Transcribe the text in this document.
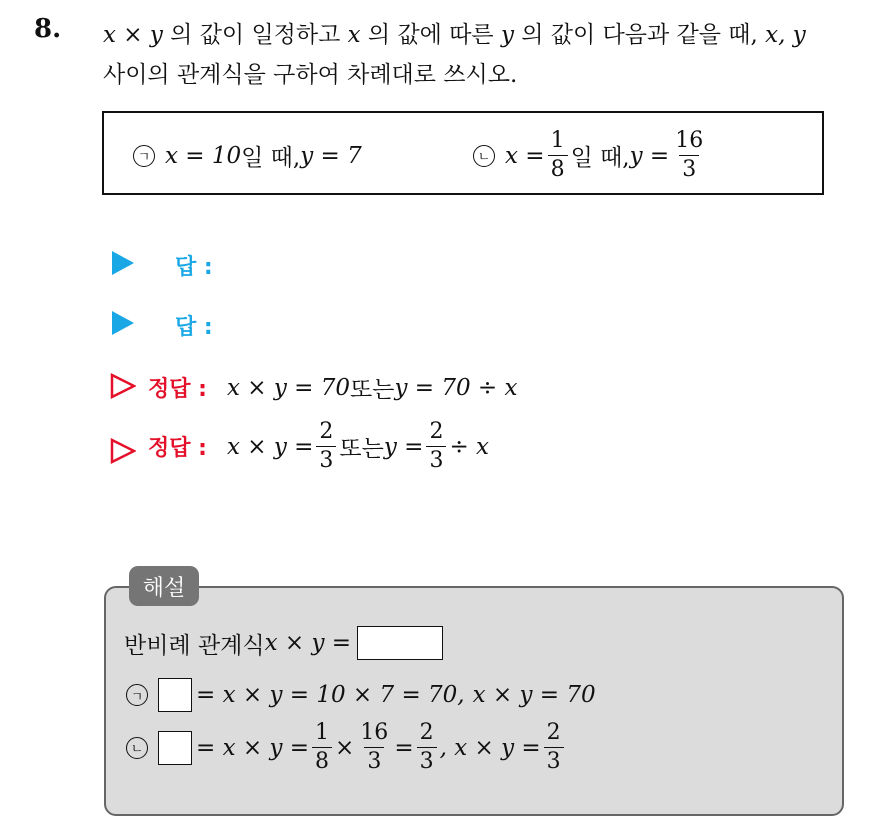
8. x × y 의 값이 일정하고 x 의 값에 따른 y 의 값이 다음과 같을 때, x, y
사이의 관계식을 구하여 차례대로 쓰시오.
ㄱ x = 10 일 때, y = 7	ㄴ $x = \frac{1}{8}$ 일 때, $y = \frac{16}{3}$
답 :
답 :
정답 : x × y = 70 또는 y = 70 ÷ x
정답 : $x \times y = \frac{2}{3}$ 또는 $y = \frac{2}{3} \div x$
해설
반비례 관계식 x × y =
ㄱ = x × y = 10 × 7 = 70, x × y = 70
ㄴ = $x \times y = \frac{1}{8} \times \frac{16}{3} = \frac{2}{3}$ , $x \times y = \frac{2}{3}$
